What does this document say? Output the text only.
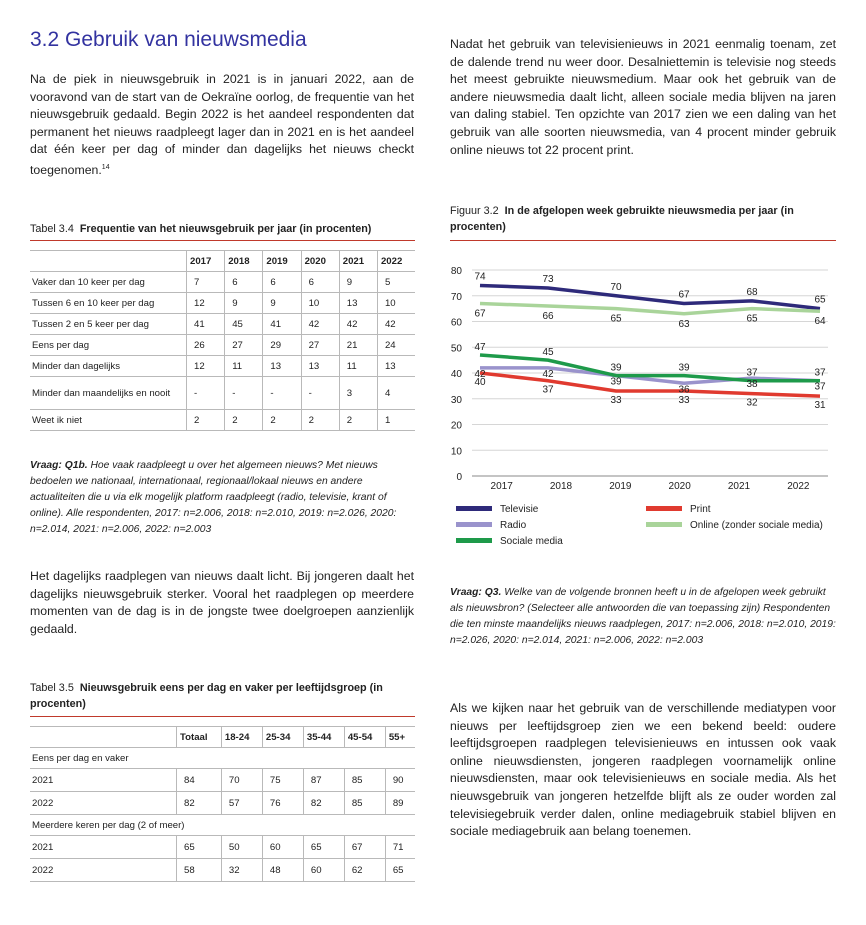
3.2 Gebruik van nieuwsmedia

Na de piek in nieuwsgebruik in 2021 is in januari 2022, aan de vooravond van de start van de Oekraïne oorlog, de frequentie van het nieuwsgebruik gedaald. Begin 2022 is het aandeel respondenten dat permanent het nieuws raadpleegt lager dan in 2021 en is het aandeel dat één keer per dag of minder dan dagelijks het nieuws checkt toegenomen.$^{14}$

Tabel 3.4 Frequentie van het nieuwsgebruik per jaar (in procenten)
	2017	2018	2019	2020	2021	2022
Vaker dan 10 keer per dag	7	6	6	6	9	5
Tussen 6 en 10 keer per dag	12	9	9	10	13	10
Tussen 2 en 5 keer per dag	41	45	41	42	42	42
Eens per dag	26	27	29	27	21	24
Minder dan dagelijks	12	11	13	13	11	13
Minder dan maandelijks en nooit	-	-	-	-	3	4
Weet ik niet	2	2	2	2	2	1
Vraag: Q1b. Hoe vaak raadpleegt u over het algemeen nieuws? Met nieuws bedoelen we nationaal, internationaal, regionaal/lokaal nieuws en andere actualiteiten die u via elk mogelijk platform raadpleegt (radio, televisie, krant of online). Alle respondenten, 2017: n=2.006, 2018: n=2.010, 2019: n=2.026, 2020: n=2.014, 2021: n=2.006, 2022: n=2.003

Het dagelijks raadplegen van nieuws daalt licht. Bij jongeren daalt het dagelijks nieuwsgebruik sterker. Vooral het raadplegen op meerdere momenten van de dag is in de jongste twee doelgroepen aanzienlijk gedaald.

Tabel 3.5 Nieuwsgebruik eens per dag en vaker per leeftijdsgroep (in procenten)
	Totaal	18-24	25-34	35-44	45-54	55+
Eens per dag en vaker						
2021	84	70	75	87	85	90
2022	82	57	76	82	85	89
Meerdere keren per dag (2 of meer)						
2021	65	50	60	65	67	71
2022	58	32	48	60	62	65

Nadat het gebruik van televisienieuws in 2021 eenmalig toenam, zet de dalende trend nu weer door. Desalniettemin is televisie nog steeds het meest gebruikte nieuwsmedium. Maar ook het gebruik van de andere nieuwsmedia daalt licht, alleen sociale media blijven na jaren van daling stabiel. Ten opzichte van 2017 zien we een daling van het gebruik van alle soorten nieuwsmedia, van 4 procent minder gebruik online nieuws tot 22 procent print.

Figuur 3.2 In de afgelopen week gebruikte nieuwsmedia per jaar (in procenten)
0
10
20
30
40
50
60
70
80
2017	2018	2019	2020	2021	2022
74	73
70
67	68
65
67	66	65	63	65	64
47	45
39	39	37	37
42	42
39
36	38	37
40
37
33	33	32	31
Televisie	Print
Radio	Online (zonder sociale media)
Sociale media
Vraag: Q3. Welke van de volgende bronnen heeft u in de afgelopen week gebruikt als nieuwsbron? (Selecteer alle antwoorden die van toepassing zijn) Respondenten die ten minste maandelijks nieuws raadplegen, 2017: n=2.006, 2018: n=2.010, 2019: n=2.026, 2020: n=2.014, 2021: n=2.006, 2022: n=2.003

Als we kijken naar het gebruik van de verschillende mediatypen voor nieuws per leeftijdsgroep zien we een bekend beeld: oudere leeftijdsgroepen raadplegen televisienieuws en intussen ook vaak online nieuwsdiensten, jongeren raadplegen voornamelijk online nieuwsdiensten, maar ook televisienieuws en sociale media. Als het nieuwsgebruik van jongeren hetzelfde blijft als ze ouder worden zal televisiegebruik verder dalen, online mediagebruik stabiel blijven en sociale mediagebruik aan belang toenemen.
